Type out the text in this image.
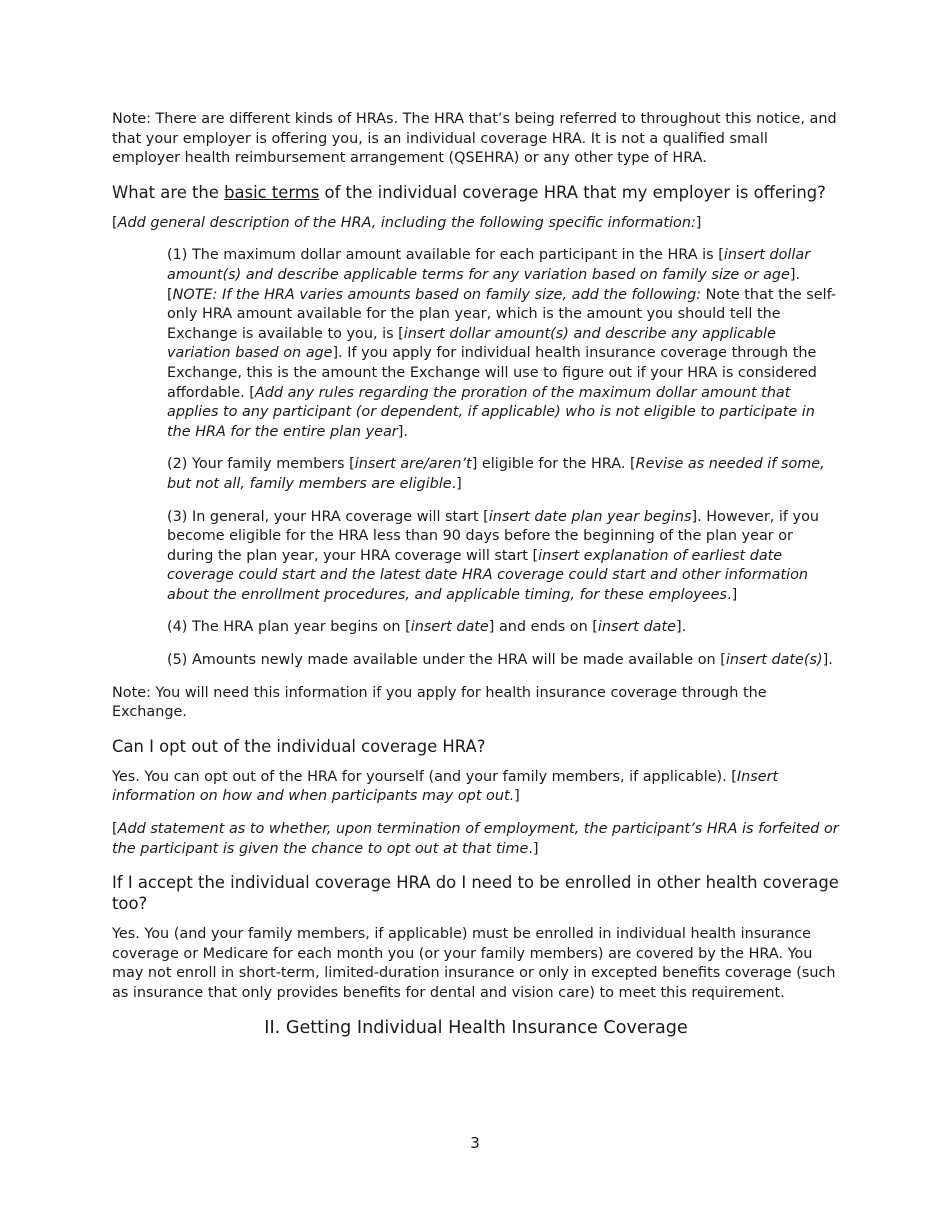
Note: There are different kinds of HRAs. The HRA that’s being referred to throughout this notice, and that your employer is offering you, is an individual coverage HRA. It is not a qualified small employer health reimbursement arrangement (QSEHRA) or any other type of HRA.

What are the basic terms of the individual coverage HRA that my employer is offering?

[Add general description of the HRA, including the following specific information:]

(1) The maximum dollar amount available for each participant in the HRA is [insert dollar amount(s) and describe applicable terms for any variation based on family size or age]. [NOTE: If the HRA varies amounts based on family size, add the following: Note that the self-only HRA amount available for the plan year, which is the amount you should tell the Exchange is available to you, is [insert dollar amount(s) and describe any applicable variation based on age]. If you apply for individual health insurance coverage through the Exchange, this is the amount the Exchange will use to figure out if your HRA is considered affordable. [Add any rules regarding the proration of the maximum dollar amount that applies to any participant (or dependent, if applicable) who is not eligible to participate in the HRA for the entire plan year].

(2) Your family members [insert are/aren’t] eligible for the HRA. [Revise as needed if some, but not all, family members are eligible.]

(3) In general, your HRA coverage will start [insert date plan year begins]. However, if you become eligible for the HRA less than 90 days before the beginning of the plan year or during the plan year, your HRA coverage will start [insert explanation of earliest date coverage could start and the latest date HRA coverage could start and other information about the enrollment procedures, and applicable timing, for these employees.]

(4) The HRA plan year begins on [insert date] and ends on [insert date].

(5) Amounts newly made available under the HRA will be made available on [insert date(s)].

Note: You will need this information if you apply for health insurance coverage through the Exchange.

Can I opt out of the individual coverage HRA?

Yes. You can opt out of the HRA for yourself (and your family members, if applicable). [Insert information on how and when participants may opt out.]

[Add statement as to whether, upon termination of employment, the participant’s HRA is forfeited or the participant is given the chance to opt out at that time.]

If I accept the individual coverage HRA do I need to be enrolled in other health coverage too?

Yes. You (and your family members, if applicable) must be enrolled in individual health insurance coverage or Medicare for each month you (or your family members) are covered by the HRA. You may not enroll in short-term, limited-duration insurance or only in excepted benefits coverage (such as insurance that only provides benefits for dental and vision care) to meet this requirement.

II. Getting Individual Health Insurance Coverage

3
